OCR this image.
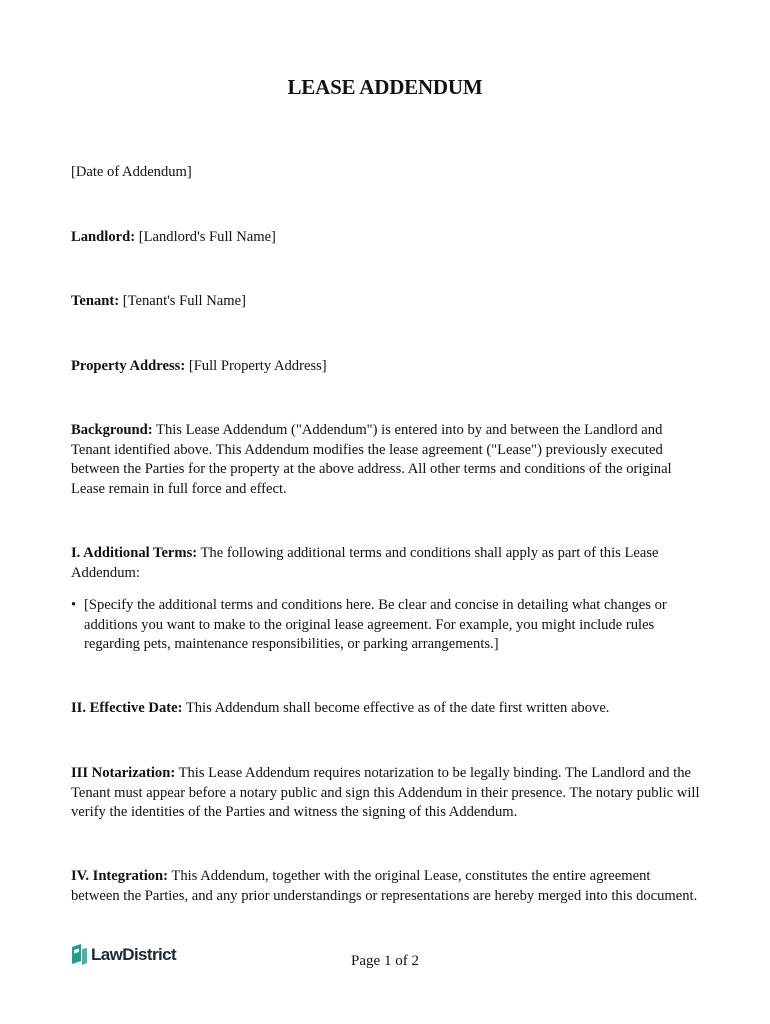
LEASE ADDENDUM

[Date of Addendum]

Landlord: [Landlord's Full Name]

Tenant: [Tenant's Full Name]

Property Address: [Full Property Address]

Background: This Lease Addendum ("Addendum") is entered into by and between the Landlord and Tenant identified above. This Addendum modifies the lease agreement ("Lease") previously executed between the Parties for the property at the above address. All other terms and conditions of the original Lease remain in full force and effect.

I. Additional Terms: The following additional terms and conditions shall apply as part of this Lease Addendum:

• [Specify the additional terms and conditions here. Be clear and concise in detailing what changes or additions you want to make to the original lease agreement. For example, you might include rules regarding pets, maintenance responsibilities, or parking arrangements.]

II. Effective Date: This Addendum shall become effective as of the date first written above.

III Notarization: This Lease Addendum requires notarization to be legally binding. The Landlord and the Tenant must appear before a notary public and sign this Addendum in their presence. The notary public will verify the identities of the Parties and witness the signing of this Addendum.

IV. Integration: This Addendum, together with the original Lease, constitutes the entire agreement between the Parties, and any prior understandings or representations are hereby merged into this document.

LawDistrict	Page 1 of 2
